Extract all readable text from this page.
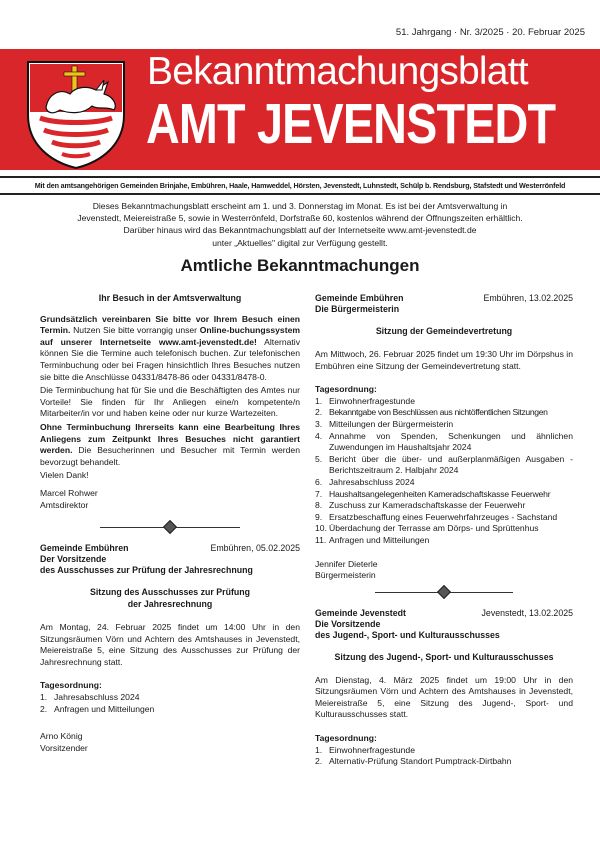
51. Jahrgang · Nr. 3/2025 · 20. Februar 2025
Bekanntmachungsblatt
AMT JEVENSTEDT
Mit den amtsangehörigen Gemeinden Brinjahe, Embühren, Haale, Hamweddel, Hörsten, Jevenstedt, Luhnstedt, Schülp b. Rendsburg, Stafstedt und Westerrönfeld
Dieses Bekanntmachungsblatt erscheint am 1. und 3. Donnerstag im Monat. Es ist bei der Amtsverwaltung in
Jevenstedt, Meiereistraße 5, sowie in Westerrönfeld, Dorfstraße 60, kostenlos während der Öffnungszeiten erhältlich.
Darüber hinaus wird das Bekanntmachungsblatt auf der Internetseite www.amt-jevenstedt.de
unter „Aktuelles" digital zur Verfügung gestellt.
Amtliche Bekanntmachungen
Ihr Besuch in der Amtsverwaltung

Grundsätzlich vereinbaren Sie bitte vor Ihrem Besuch einen Termin. Nutzen Sie bitte vorrangig unser Online-buchungssystem auf unserer Internetseite www.amt-jevenstedt.de! Alternativ können Sie die Termine auch telefonisch buchen. Zur telefonischen Terminbuchung oder bei Fragen hinsichtlich Ihres Besuches nutzen sie bitte die Anschlüsse 04331/8478-86 oder 04331/8478-0.

Die Terminbuchung hat für Sie und die Beschäftigten des Amtes nur Vorteile! Sie finden für Ihr Anliegen eine/n kompetente/n Mitarbeiter/in vor und haben keine oder nur kurze Wartezeiten.

Ohne Terminbuchung Ihrerseits kann eine Bearbeitung Ihres Anliegens zum Zeitpunkt Ihres Besuches nicht garantiert werden. Die Besucherinnen und Besucher mit Termin werden bevorzugt behandelt.

Vielen Dank!

Marcel Rohwer
Amtsdirektor
Gemeinde Embühren	Embühren, 05.02.2025
Der Vorsitzende
des Ausschusses zur Prüfung der Jahresrechnung
Sitzung des Ausschusses zur Prüfung
der Jahresrechnung

Am Montag, 24. Februar 2025 findet um 14:00 Uhr in den Sitzungsräumen Vörn und Achtern des Amtshauses in Jevenstedt, Meiereistraße 5, eine Sitzung des Ausschusses zur Prüfung der Jahresrechnung statt.

Tagesordnung:
1. Jahresabschluss 2024
2. Anfragen und Mitteilungen
Arno König
Vorsitzender
Gemeinde Embühren	Embühren, 13.02.2025
Die Bürgermeisterin
Sitzung der Gemeindevertretung

Am Mittwoch, 26. Februar 2025 findet um 19:30 Uhr im Dörpshus in Embühren eine Sitzung der Gemeindevertretung statt.

Tagesordnung:
1. Einwohnerfragestunde
2. Bekanntgabe von Beschlüssen aus nichtöffentlichen Sitzungen
3. Mitteilungen der Bürgermeisterin
4. Annahme von Spenden, Schenkungen und ähnlichen Zuwendungen im Haushaltsjahr 2024
5. Bericht über die über- und außerplanmäßigen Ausgaben - Berichtszeitraum 2. Halbjahr 2024
6. Jahresabschluss 2024
7. Haushaltsangelegenheiten Kameradschaftskasse Feuerwehr
8. Zuschuss zur Kameradschaftskasse der Feuerwehr
9. Ersatzbeschaffung eines Feuerwehrfahrzeuges - Sachstand
10. Überdachung der Terrasse am Dörps- und Sprüttenhus
11. Anfragen und Mitteilungen
Jennifer Dieterle
Bürgermeisterin
Gemeinde Jevenstedt	Jevenstedt, 13.02.2025
Die Vorsitzende
des Jugend-, Sport- und Kulturausschusses
Sitzung des Jugend-, Sport- und Kulturausschusses

Am Dienstag, 4. März 2025 findet um 19:00 Uhr in den Sitzungsräumen Vörn und Achtern des Amtshauses in Jevenstedt, Meiereistraße 5, eine Sitzung des Jugend-, Sport- und Kulturausschusses statt.

Tagesordnung:
1. Einwohnerfragestunde
2. Alternativ-Prüfung Standort Pumptrack-Dirtbahn
